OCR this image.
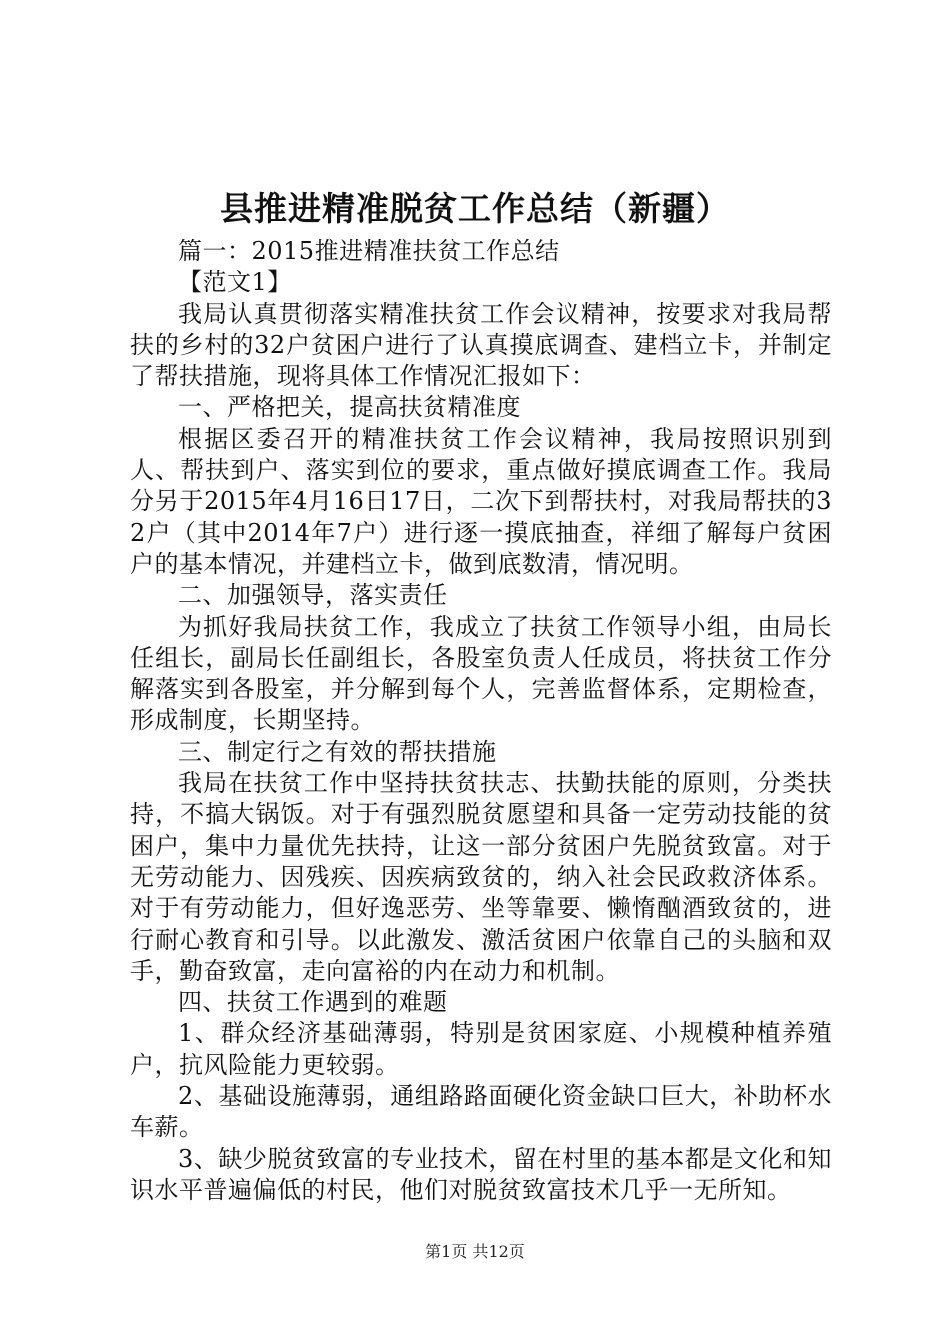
县推进精准脱贫工作总结（新疆）

篇一：2015推进精准扶贫工作总结

【范文1】

我局认真贯彻落实精准扶贫工作会议精神，按要求对我局帮扶的乡村的32户贫困户进行了认真摸底调查、建档立卡，并制定了帮扶措施，现将具体工作情况汇报如下：

一、严格把关，提高扶贫精准度

根据区委召开的精准扶贫工作会议精神，我局按照识别到人、帮扶到户、落实到位的要求，重点做好摸底调查工作。我局分另于2015年4月16日17日，二次下到帮扶村，对我局帮扶的32户（其中2014年7户）进行逐一摸底抽查，祥细了解每户贫困户的基本情况，并建档立卡，做到底数清，情况明。

二、加强领导，落实责任

为抓好我局扶贫工作，我成立了扶贫工作领导小组，由局长任组长，副局长任副组长，各股室负责人任成员，将扶贫工作分解落实到各股室，并分解到每个人，完善监督体系，定期检查，形成制度，长期坚持。

三、制定行之有效的帮扶措施

我局在扶贫工作中坚持扶贫扶志、扶勤扶能的原则，分类扶持，不搞大锅饭。对于有强烈脱贫愿望和具备一定劳动技能的贫困户，集中力量优先扶持，让这一部分贫困户先脱贫致富。对于无劳动能力、因残疾、因疾病致贫的，纳入社会民政救济体系。对于有劳动能力，但好逸恶劳、坐等靠要、懒惰酗酒致贫的，进行耐心教育和引导。以此激发、激活贫困户依靠自己的头脑和双手，勤奋致富，走向富裕的内在动力和机制。

四、扶贫工作遇到的难题

1、群众经济基础薄弱，特别是贫困家庭、小规模种植养殖户，抗风险能力更较弱。

2、基础设施薄弱，通组路路面硬化资金缺口巨大，补助杯水车薪。

3、缺少脱贫致富的专业技术，留在村里的基本都是文化和知识水平普遍偏低的村民，他们对脱贫致富技术几乎一无所知。

第1页 共12页
